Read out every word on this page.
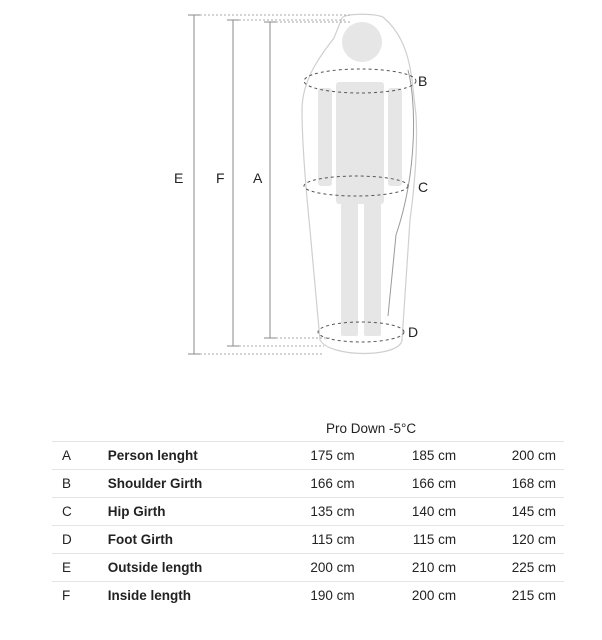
E F A
B
C
D
		Pro Down -5°C		
A	Person lenght	175 cm	185 cm	200 cm
B	Shoulder Girth	166 cm	166 cm	168 cm
C	Hip Girth	135 cm	140 cm	145 cm
D	Foot Girth	115 cm	115 cm	120 cm
E	Outside length	200 cm	210 cm	225 cm
F	Inside length	190 cm	200 cm	215 cm
